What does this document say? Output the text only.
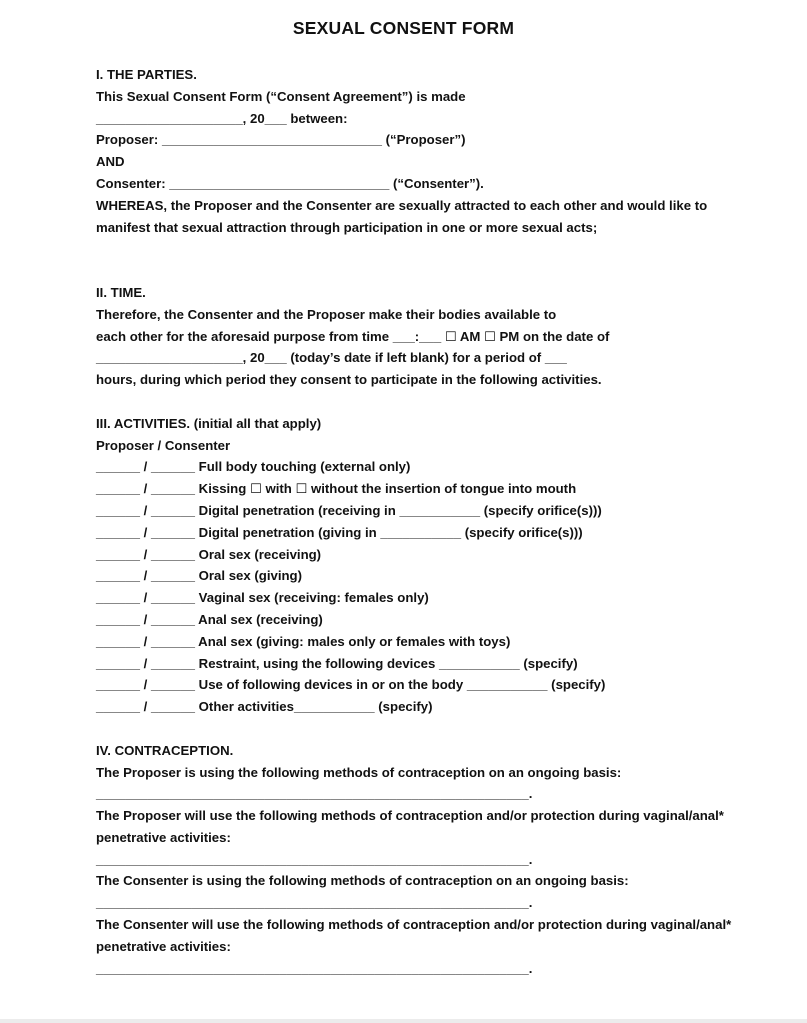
SEXUAL CONSENT FORM
I. THE PARTIES.
This Sexual Consent Form (“Consent Agreement”) is made
____________________, 20___ between:
Proposer: ______________________________ (“Proposer”)
AND
Consenter: ______________________________ (“Consenter”).
WHEREAS, the Proposer and the Consenter are sexually attracted to each other and would like to manifest that sexual attraction through participation in one or more sexual acts;
II. TIME.
Therefore, the Consenter and the Proposer make their bodies available to
each other for the aforesaid purpose from time ___:___ ☐ AM ☐ PM on the date of
____________________, 20___ (today’s date if left blank) for a period of ___
hours, during which period they consent to participate in the following activities.
III. ACTIVITIES. (initial all that apply)
Proposer / Consenter
______ / ______ Full body touching (external only)
______ / ______ Kissing ☐ with ☐ without the insertion of tongue into mouth
______ / ______ Digital penetration (receiving in ___________ (specify orifice(s)))
______ / ______ Digital penetration (giving in ___________ (specify orifice(s)))
______ / ______ Oral sex (receiving)
______ / ______ Oral sex (giving)
______ / ______ Vaginal sex (receiving: females only)
______ / ______ Anal sex (receiving)
______ / ______ Anal sex (giving: males only or females with toys)
______ / ______ Restraint, using the following devices ___________ (specify)
______ / ______ Use of following devices in or on the body ___________ (specify)
______ / ______ Other activities___________ (specify)
IV. CONTRACEPTION.
The Proposer is using the following methods of contraception on an ongoing basis:
___________________________________________________________.
The Proposer will use the following methods of contraception and/or protection during vaginal/anal* penetrative activities:
___________________________________________________________.
The Consenter is using the following methods of contraception on an ongoing basis:
___________________________________________________________.
The Consenter will use the following methods of contraception and/or protection during vaginal/anal* penetrative activities:
___________________________________________________________.
